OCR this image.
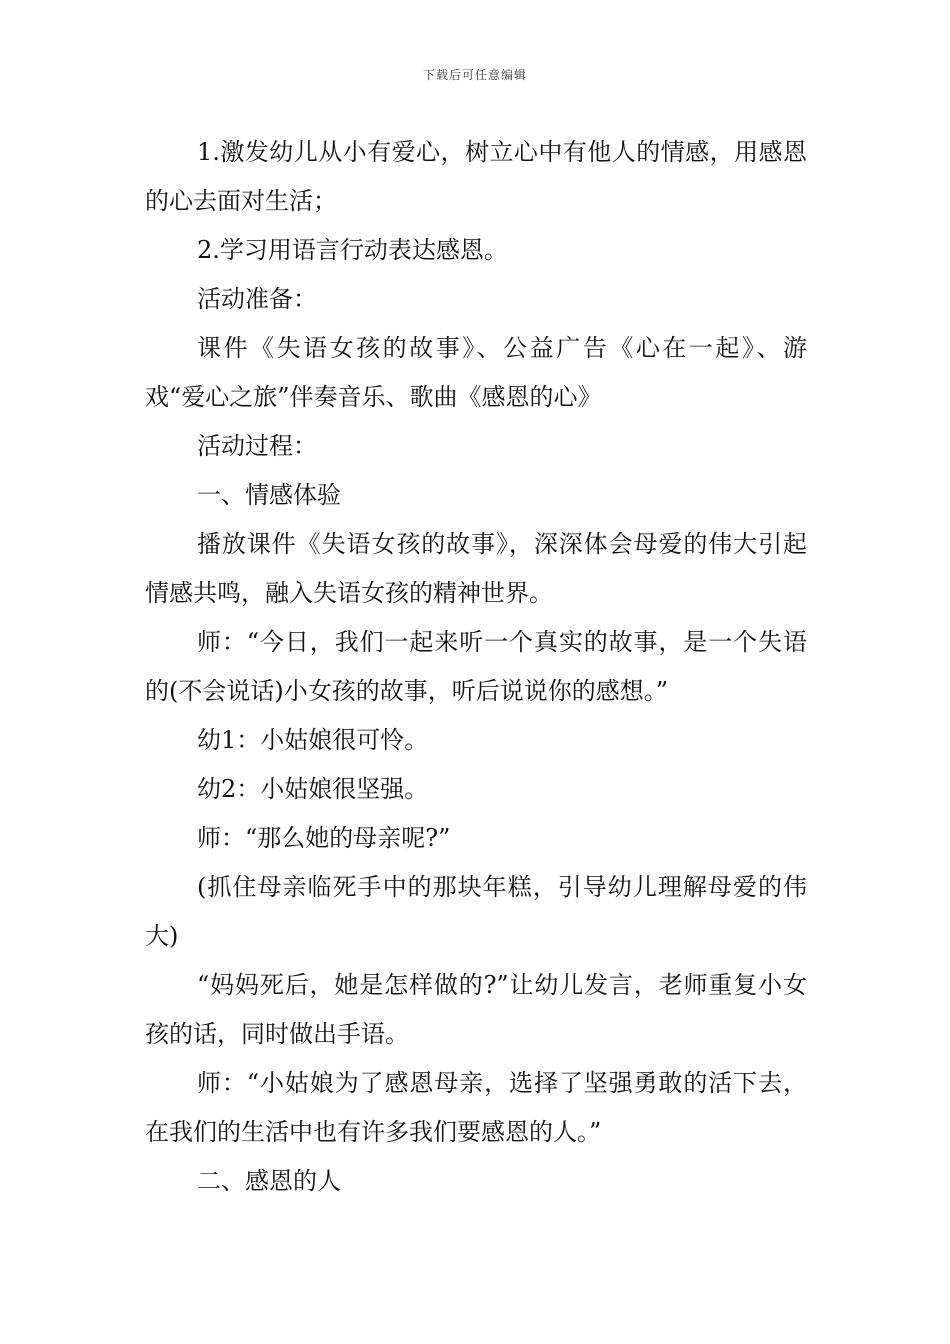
下载后可任意编辑

1.激发幼儿从小有爱心，树立心中有他人的情感，用感恩的心去面对生活；

2.学习用语言行动表达感恩。

活动准备：

课件《失语女孩的故事》、公益广告《心在一起》、游戏“爱心之旅”伴奏音乐、歌曲《感恩的心》

活动过程：

一、情感体验

播放课件《失语女孩的故事》，深深体会母爱的伟大引起情感共鸣，融入失语女孩的精神世界。

师：“今日，我们一起来听一个真实的故事，是一个失语的(不会说话)小女孩的故事，听后说说你的感想。”

幼1：小姑娘很可怜。

幼2：小姑娘很坚强。

师：“那么她的母亲呢?”

(抓住母亲临死手中的那块年糕，引导幼儿理解母爱的伟大)

“妈妈死后，她是怎样做的?”让幼儿发言，老师重复小女孩的话，同时做出手语。

师：“小姑娘为了感恩母亲，选择了坚强勇敢的活下去，在我们的生活中也有许多我们要感恩的人。”

二、感恩的人
